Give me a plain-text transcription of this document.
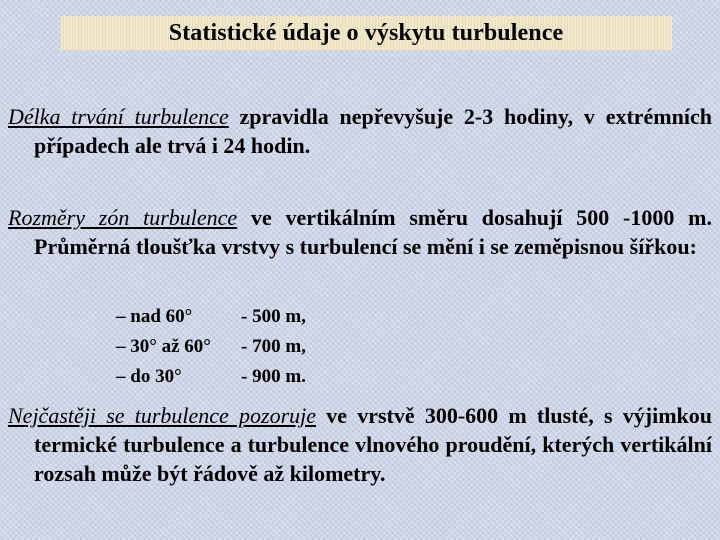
Statistické údaje o výskytu turbulence
Délka trvání turbulence zpravidla nepřevyšuje 2-3 hodiny, v extrémních případech ale trvá i 24 hodin.
Rozměry zón turbulence ve vertikálním směru dosahují 500 -1000 m. Průměrná tloušťka vrstvy s turbulencí se mění i se zeměpisnou šířkou:
– nad 60°	- 500 m,
– 30° až 60°	- 700 m,
– do 30°	- 900 m.
Nejčastěji se turbulence pozoruje ve vrstvě 300-600 m tlusté, s výjimkou termické turbulence a turbulence vlnového proudění, kterých vertikální rozsah může být řádově až kilometry.
